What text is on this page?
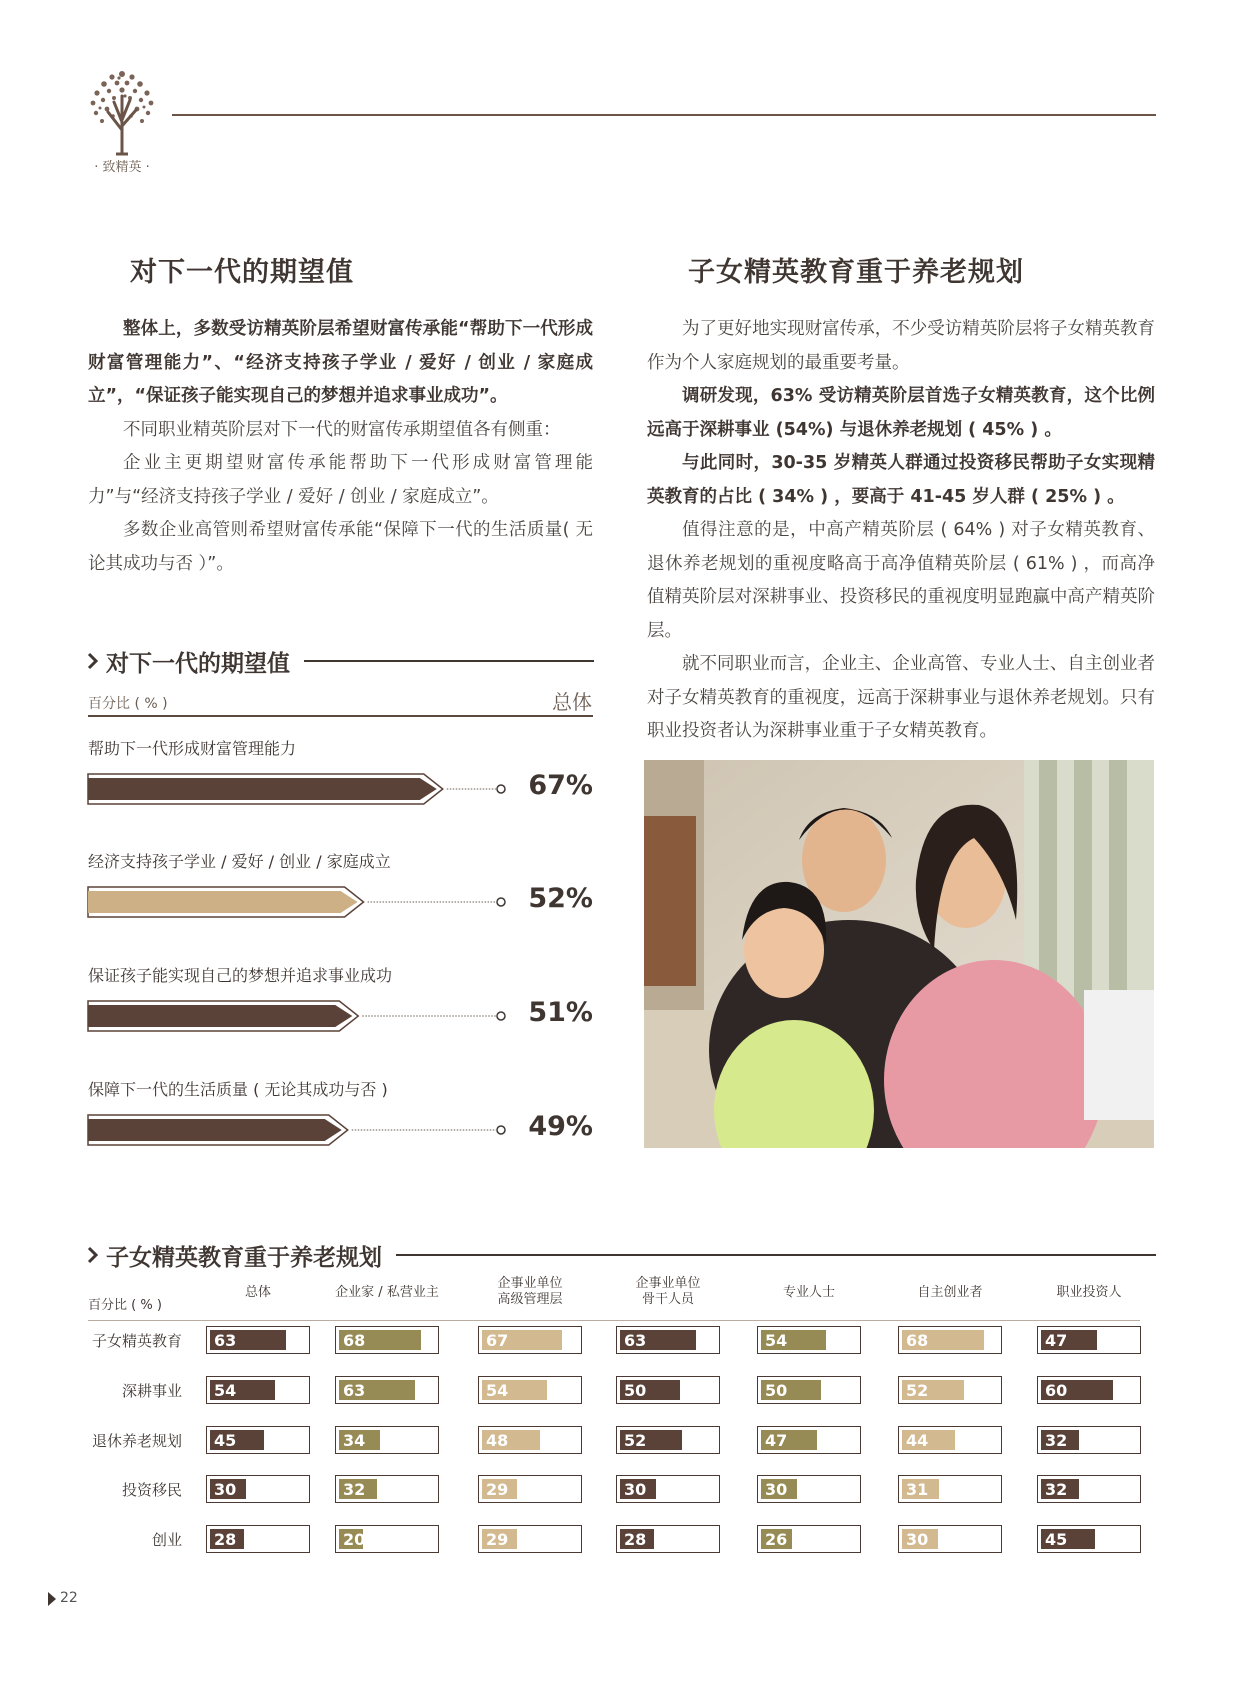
· 致精英 ·
对下一代的期望值

整体上，多数受访精英阶层希望财富传承能“帮助下一代形成财富管理能力”、“经济支持孩子学业 / 爱好 / 创业 / 家庭成立”，“保证孩子能实现自己的梦想并追求事业成功”。

不同职业精英阶层对下一代的财富传承期望值各有侧重：

企业主更期望财富传承能帮助下一代形成财富管理能力”与“经济支持孩子学业 / 爱好 / 创业 / 家庭成立”。

多数企业高管则希望财富传承能“保障下一代的生活质量( 无论其成功与否 ）”。

子女精英教育重于养老规划

为了更好地实现财富传承，不少受访精英阶层将子女精英教育作为个人家庭规划的最重要考量。

调研发现，63% 受访精英阶层首选子女精英教育，这个比例远高于深耕事业 (54%) 与退休养老规划 ( 45% ) 。

与此同时，30-35 岁精英人群通过投资移民帮助子女实现精英教育的占比 ( 34% ) ，要高于 41-45 岁人群 ( 25% ) 。

值得注意的是，中高产精英阶层 ( 64% ) 对子女精英教育、退休养老规划的重视度略高于高净值精英阶层 ( 61% ) ，而高净值精英阶层对深耕事业、投资移民的重视度明显跑赢中高产精英阶层。

就不同职业而言，企业主、企业高管、专业人士、自主创业者对子女精英教育的重视度，远高于深耕事业与退休养老规划。只有职业投资者认为深耕事业重于子女精英教育。

对下一代的期望值
百分比 ( % )	总体
帮助下一代形成财富管理能力
67%
经济支持孩子学业 / 爱好 / 创业 / 家庭成立
52%
保证孩子能实现自己的梦想并追求事业成功
51%
保障下一代的生活质量 ( 无论其成功与否 )
49%
子女精英教育重于养老规划
百分比 ( % )
总体	企业家 / 私营业主
企事业单位
高级管理层
企事业单位
骨干人员	专业人士	自主创业者	职业投资人
子女精英教育 63	68	67	63	54	68	47
深耕事业 54	63	54	50	50	52	60
退休养老规划 45	34	48	52	47	44	32
投资移民 30	32	29	30	30	31	32
创业 28	20	29	28	26	30	45
22
